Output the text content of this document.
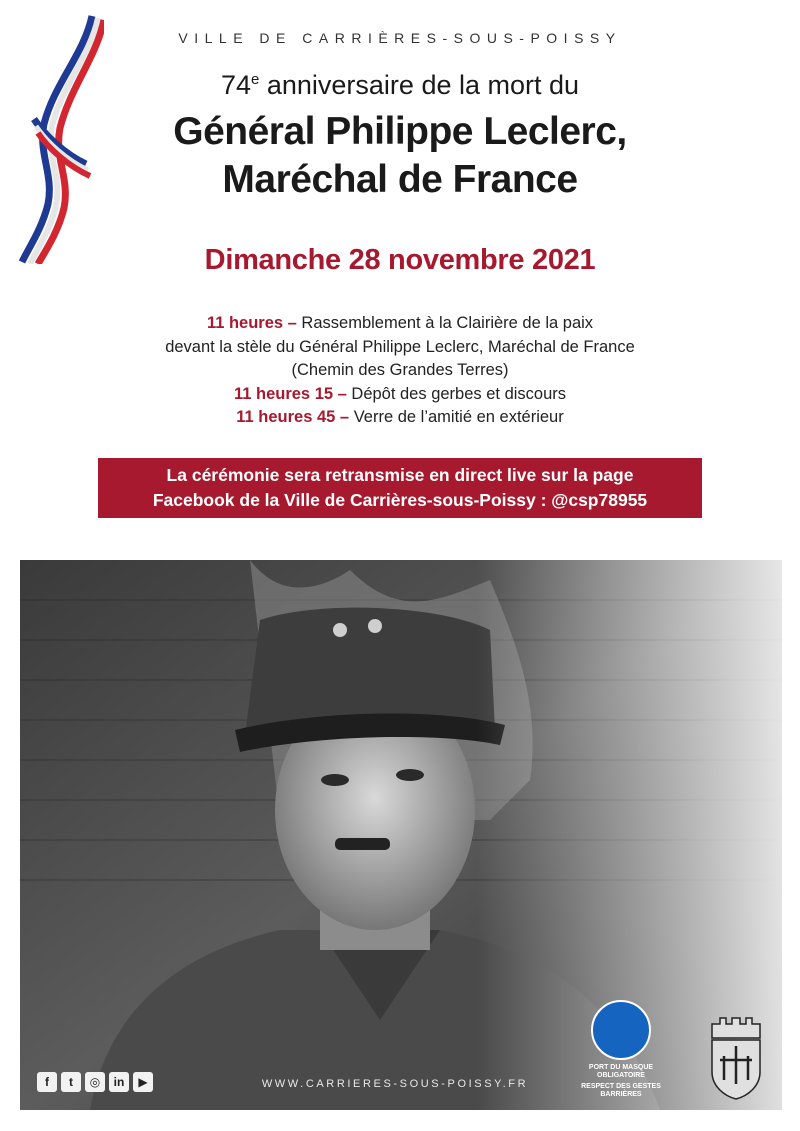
VILLE DE CARRIÈRES-SOUS-POISSY
74e anniversaire de la mort du
Général Philippe Leclerc,
Maréchal de France
Dimanche 28 novembre 2021
11 heures – Rassemblement à la Clairière de la paix
devant la stèle du Général Philippe Leclerc, Maréchal de France
(Chemin des Grandes Terres)
11 heures 15 – Dépôt des gerbes et discours
11 heures 45 – Verre de l’amitié en extérieur
La cérémonie sera retransmise en direct live sur la page
Facebook de la Ville de Carrières-sous-Poissy : @csp78955
f	t	◎	in	▶	WWW.CARRIERES-SOUS-POISSY.FR
PORT DU MASQUE OBLIGATOIRE
RESPECT DES GESTES BARRIÈRES
